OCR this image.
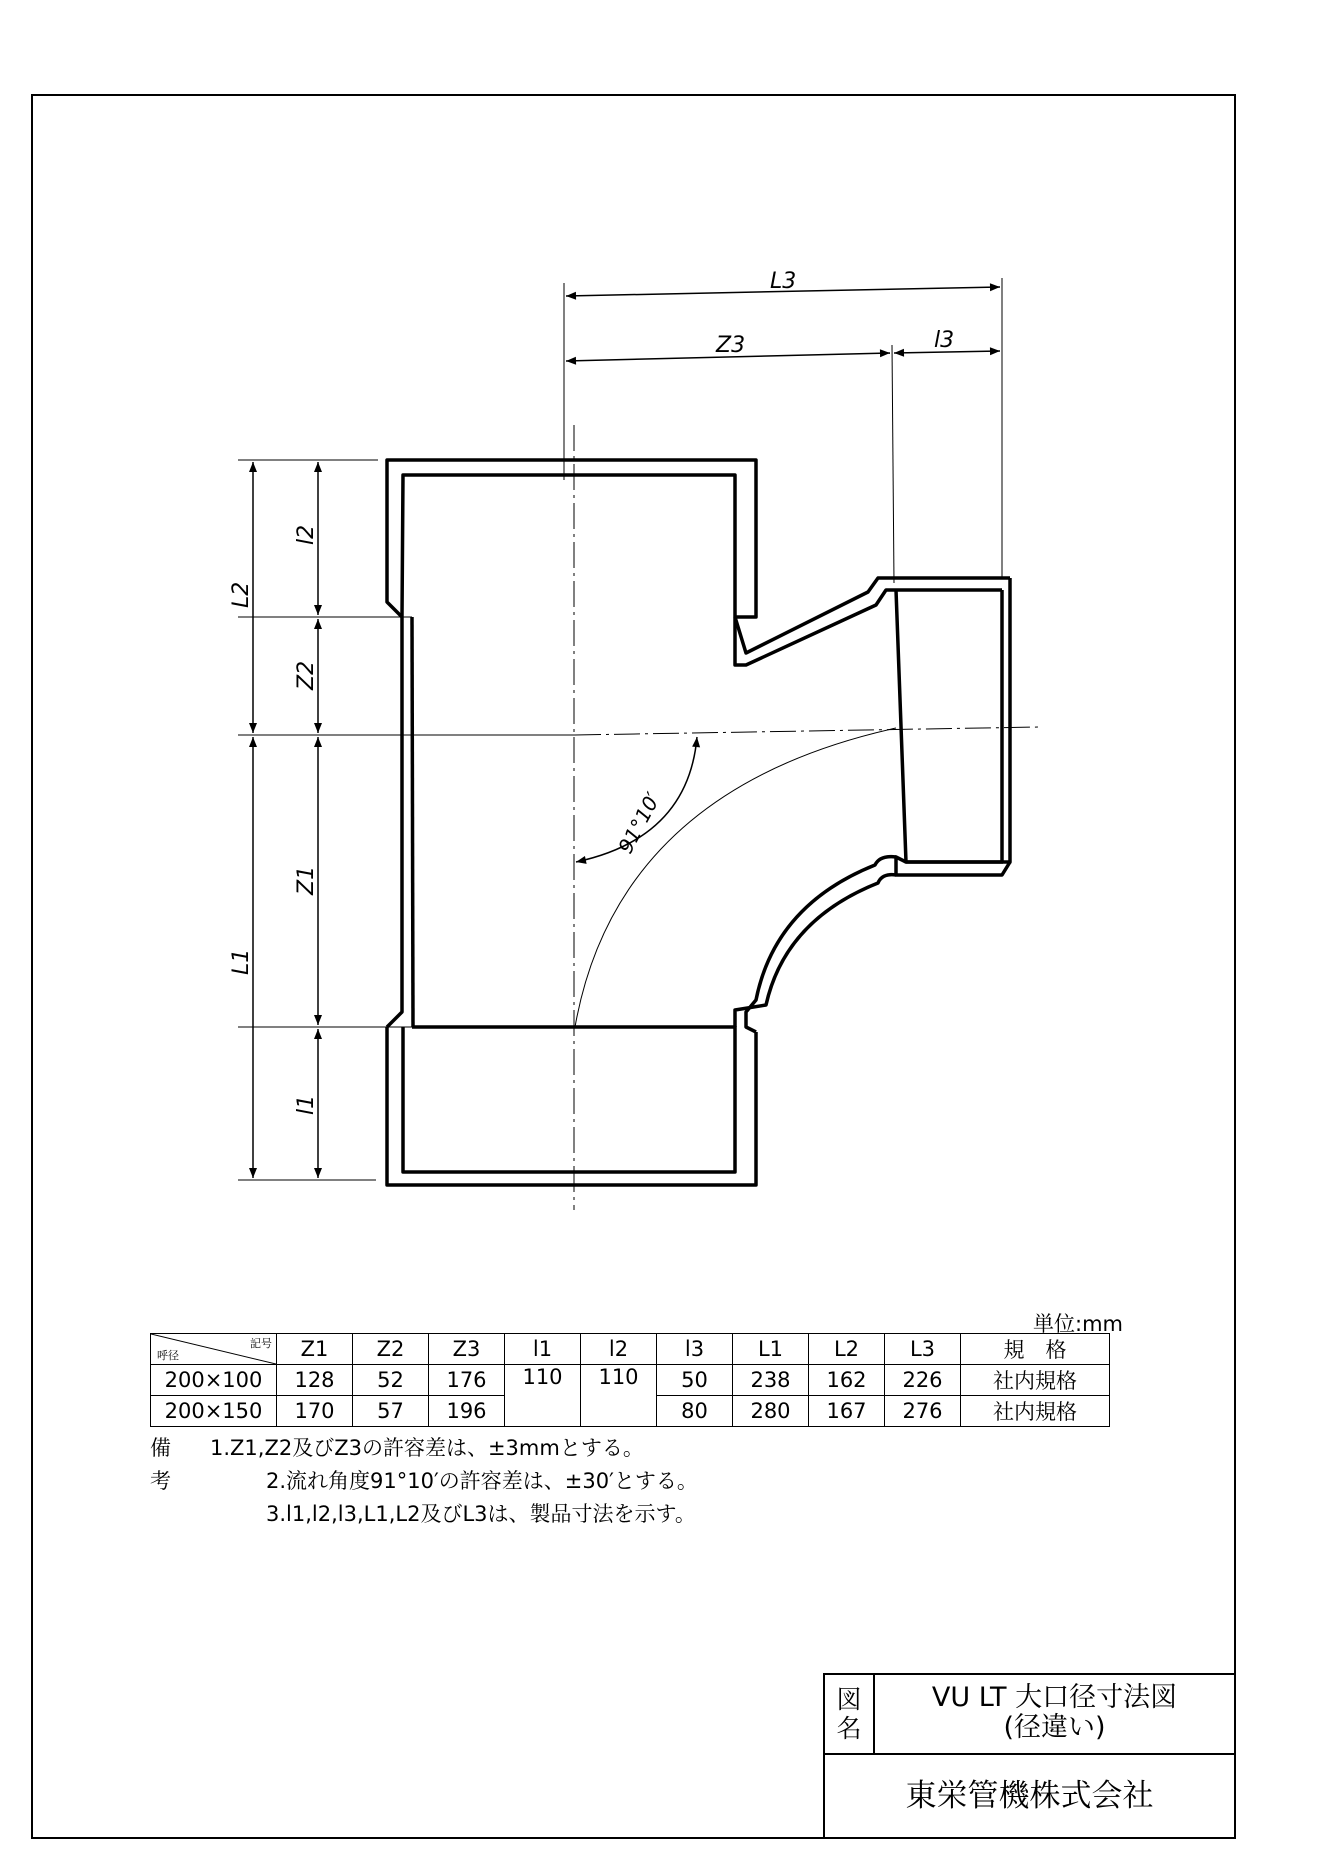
L3
Z3	l3
L2
l2
Z2
L1
Z1
l1
91°10′
単位:mm
記号
呼径	Z1	Z2	Z3	l1	l2	l3	L1	L2	L3	規　格
200×100	128	52	176	110	110	50	238	162	226	社内規格
200×150	170	57	196			80	280	167	276	社内規格
備考
1.Z1,Z2及びZ3の許容差は、±3mmとする。
2.流れ角度91°10′の許容差は、±30′とする。
3.l1,l2,l3,L1,L2及びL3は、製品寸法を示す。
図
名
VU LT 大口径寸法図
(径違い)
東栄管機株式会社
